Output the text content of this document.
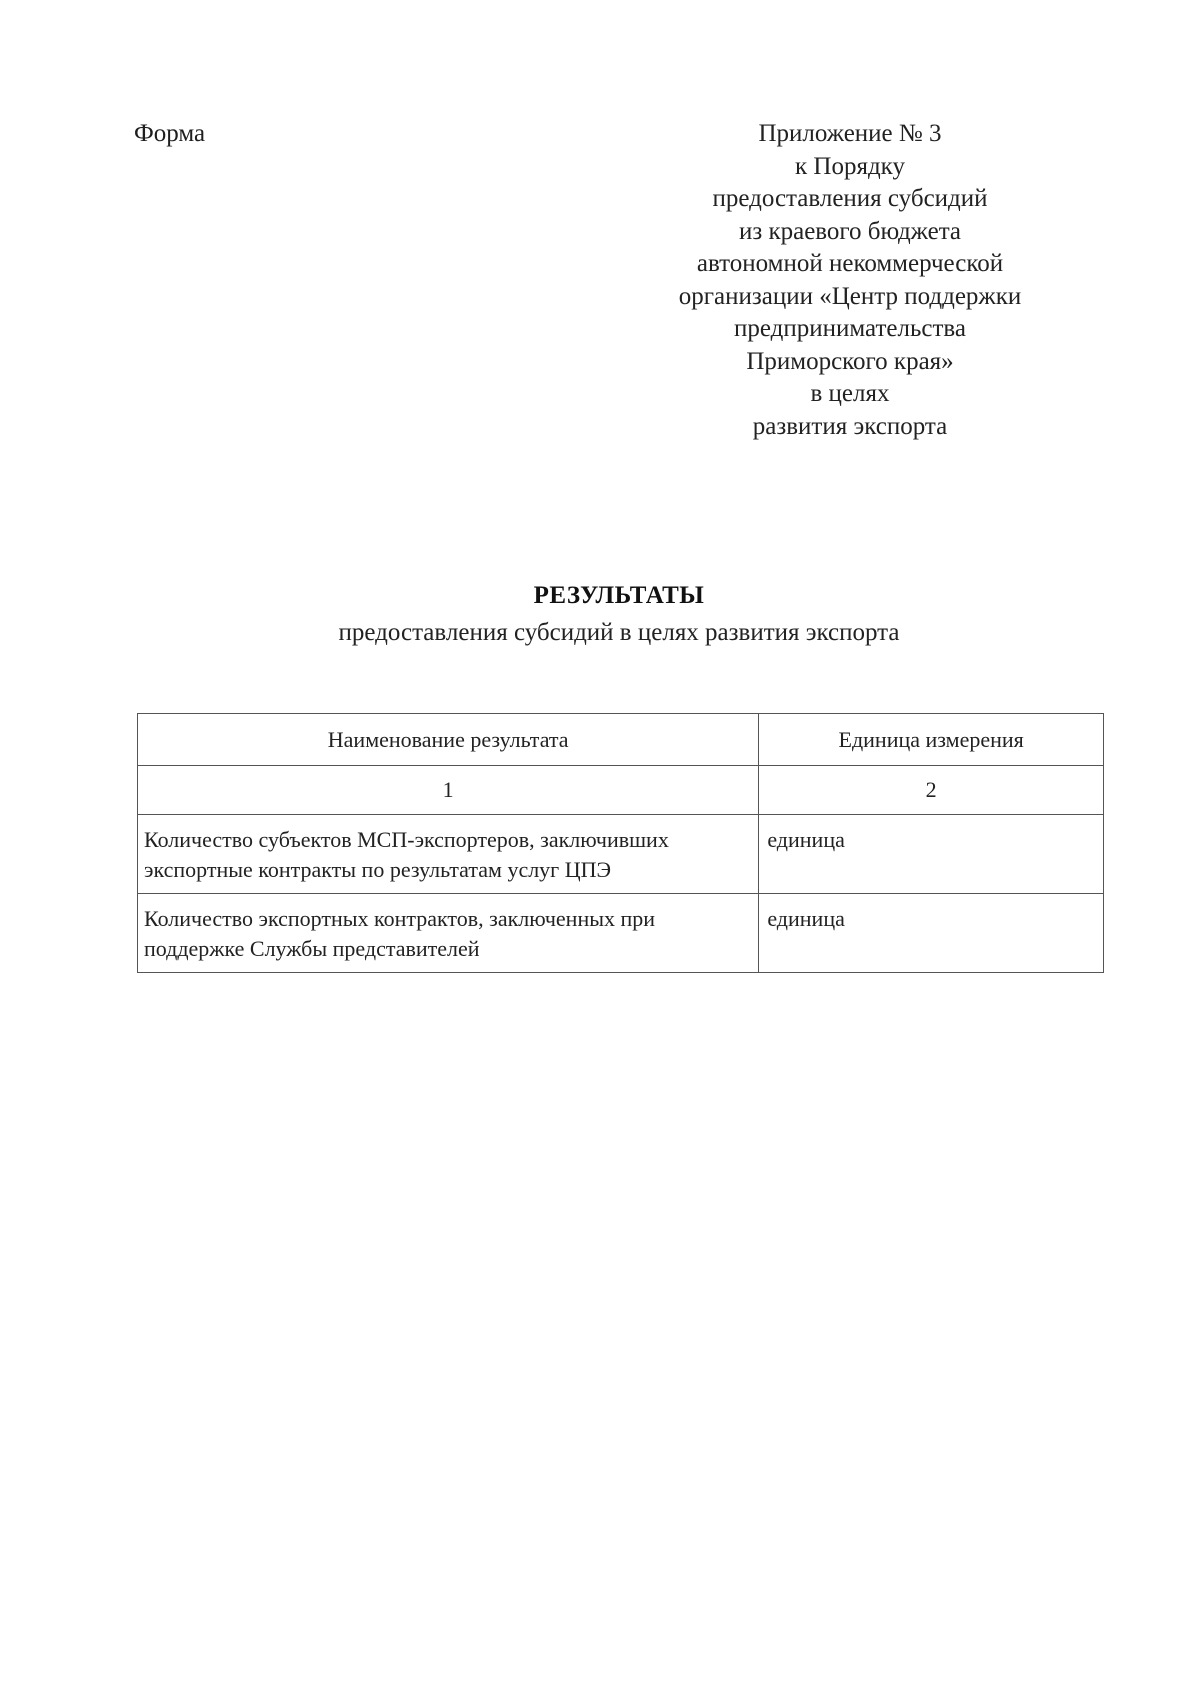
Форма	Приложение № 3
к Порядку
предоставления субсидий
из краевого бюджета
автономной некоммерческой
организации «Центр поддержки
предпринимательства
Приморского края»
в целях
развития экспорта
РЕЗУЛЬТАТЫ
предоставления субсидий в целях развития экспорта
Наименование результата	Единица измерения
1	2
Количество субъектов МСП-экспортеров, заключивших экспортные контракты по результатам услуг ЦПЭ	единица
Количество экспортных контрактов, заключенных при поддержке Службы представителей	единица
